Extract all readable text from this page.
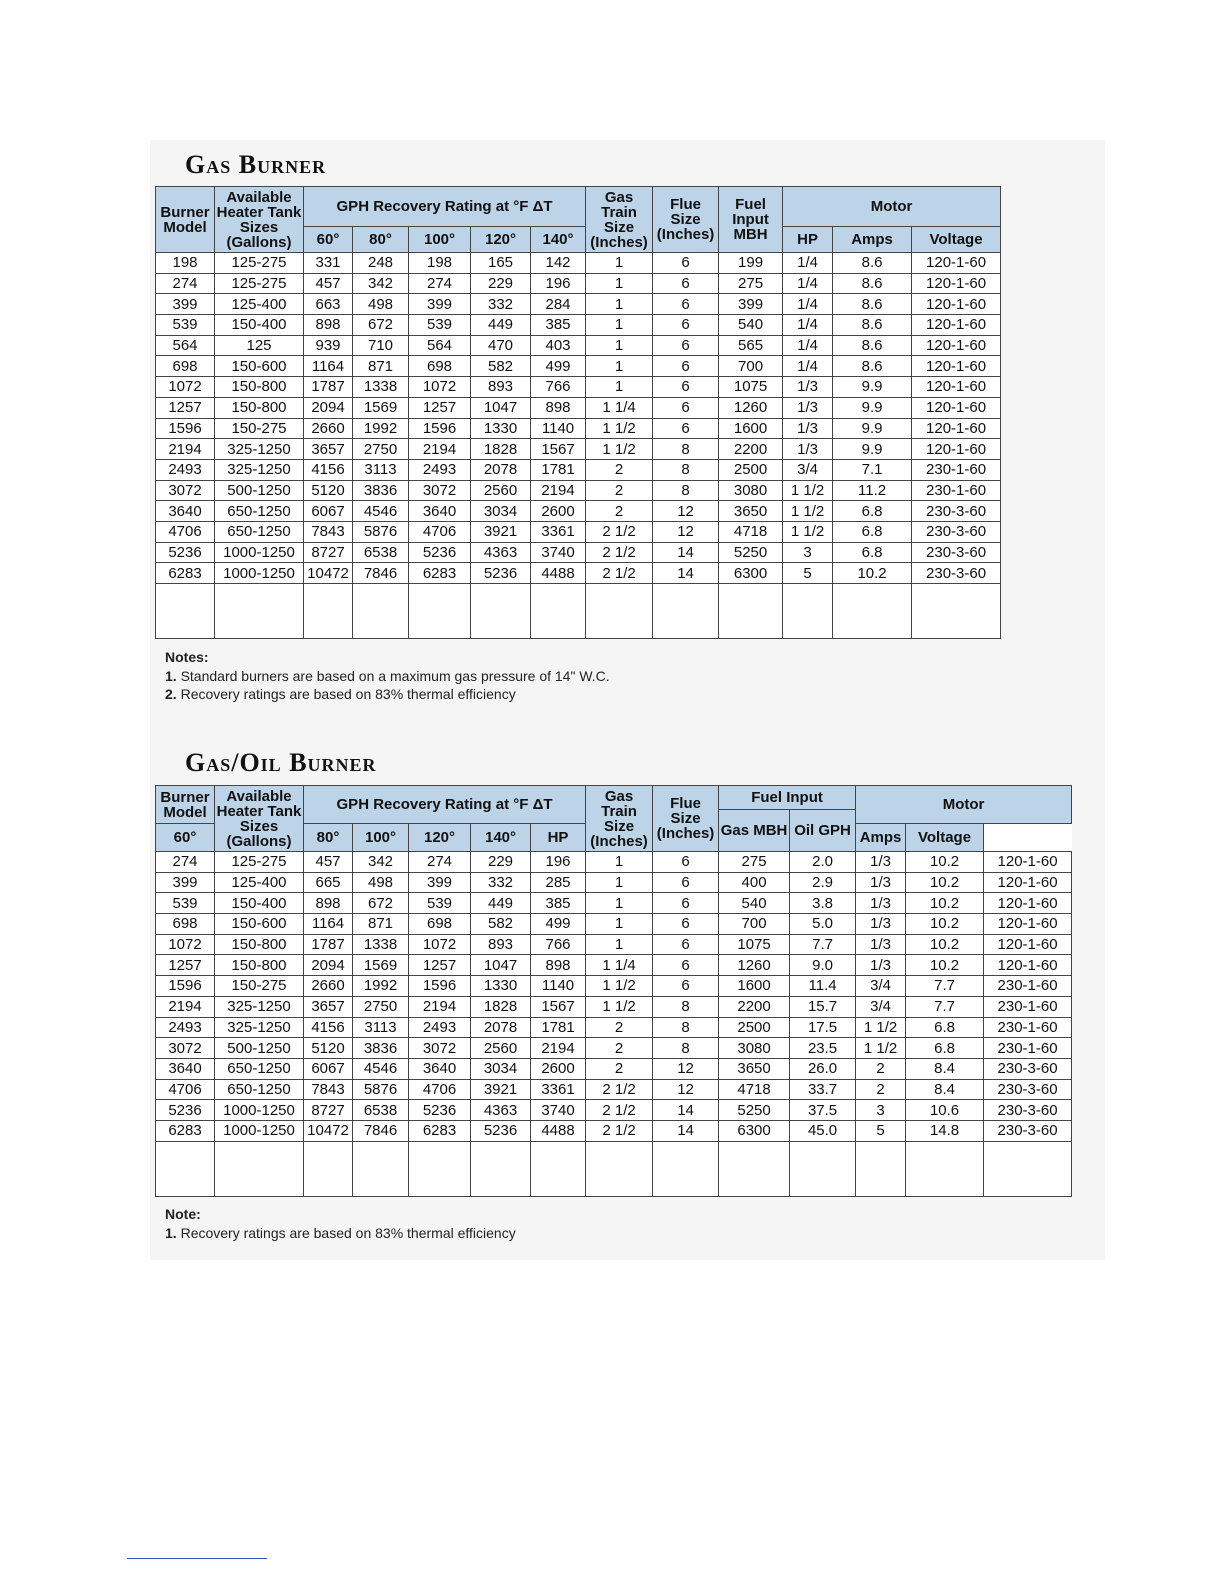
Gas Burner
Burner Model	Available Heater Tank Sizes (Gallons)	GPH Recovery Rating at °F ΔT					Gas Train Size (Inches)	Flue Size (Inches)	Fuel Input MBH	Motor		
		60°	80°	100°	120°	140°				HP	Amps	Voltage
198	125-275	331	248	198	165	142	1	6	199	1/4	8.6	120-1-60
274	125-275	457	342	274	229	196	1	6	275	1/4	8.6	120-1-60
399	125-400	663	498	399	332	284	1	6	399	1/4	8.6	120-1-60
539	150-400	898	672	539	449	385	1	6	540	1/4	8.6	120-1-60
564	125	939	710	564	470	403	1	6	565	1/4	8.6	120-1-60
698	150-600	1164	871	698	582	499	1	6	700	1/4	8.6	120-1-60
1072	150-800	1787	1338	1072	893	766	1	6	1075	1/3	9.9	120-1-60
1257	150-800	2094	1569	1257	1047	898	1 1/4	6	1260	1/3	9.9	120-1-60
1596	150-275	2660	1992	1596	1330	1140	1 1/2	6	1600	1/3	9.9	120-1-60
2194	325-1250	3657	2750	2194	1828	1567	1 1/2	8	2200	1/3	9.9	120-1-60
2493	325-1250	4156	3113	2493	2078	1781	2	8	2500	3/4	7.1	230-1-60
3072	500-1250	5120	3836	3072	2560	2194	2	8	3080	1 1/2	11.2	230-1-60
3640	650-1250	6067	4546	3640	3034	2600	2	12	3650	1 1/2	6.8	230-3-60
4706	650-1250	7843	5876	4706	3921	3361	2 1/2	12	4718	1 1/2	6.8	230-3-60
5236	1000-1250	8727	6538	5236	4363	3740	2 1/2	14	5250	3	6.8	230-3-60
6283	1000-1250	10472	7846	6283	5236	4488	2 1/2	14	6300	5	10.2	230-3-60

Notes:
1. Standard burners are based on a maximum gas pressure of 14" W.C.
2. Recovery ratings are based on 83% thermal efficiency
Gas/Oil Burner
Burner Model	Available Heater Tank Sizes (Gallons)	GPH Recovery Rating at °F ΔT					Gas Train Size (Inches)	Flue Size (Inches)	Fuel Input		Motor		
									Gas MBH	Oil GPH			
60°		80°	100°	120°	140°	HP					Amps	Voltage	
274	125-275	457	342	274	229	196	1	6	275	2.0	1/3	10.2	120-1-60
399	125-400	665	498	399	332	285	1	6	400	2.9	1/3	10.2	120-1-60
539	150-400	898	672	539	449	385	1	6	540	3.8	1/3	10.2	120-1-60
698	150-600	1164	871	698	582	499	1	6	700	5.0	1/3	10.2	120-1-60
1072	150-800	1787	1338	1072	893	766	1	6	1075	7.7	1/3	10.2	120-1-60
1257	150-800	2094	1569	1257	1047	898	1 1/4	6	1260	9.0	1/3	10.2	120-1-60
1596	150-275	2660	1992	1596	1330	1140	1 1/2	6	1600	11.4	3/4	7.7	230-1-60
2194	325-1250	3657	2750	2194	1828	1567	1 1/2	8	2200	15.7	3/4	7.7	230-1-60
2493	325-1250	4156	3113	2493	2078	1781	2	8	2500	17.5	1 1/2	6.8	230-1-60
3072	500-1250	5120	3836	3072	2560	2194	2	8	3080	23.5	1 1/2	6.8	230-1-60
3640	650-1250	6067	4546	3640	3034	2600	2	12	3650	26.0	2	8.4	230-3-60
4706	650-1250	7843	5876	4706	3921	3361	2 1/2	12	4718	33.7	2	8.4	230-3-60
5236	1000-1250	8727	6538	5236	4363	3740	2 1/2	14	5250	37.5	3	10.6	230-3-60
6283	1000-1250	10472	7846	6283	5236	4488	2 1/2	14	6300	45.0	5	14.8	230-3-60

Note:
1. Recovery ratings are based on 83% thermal efficiency
